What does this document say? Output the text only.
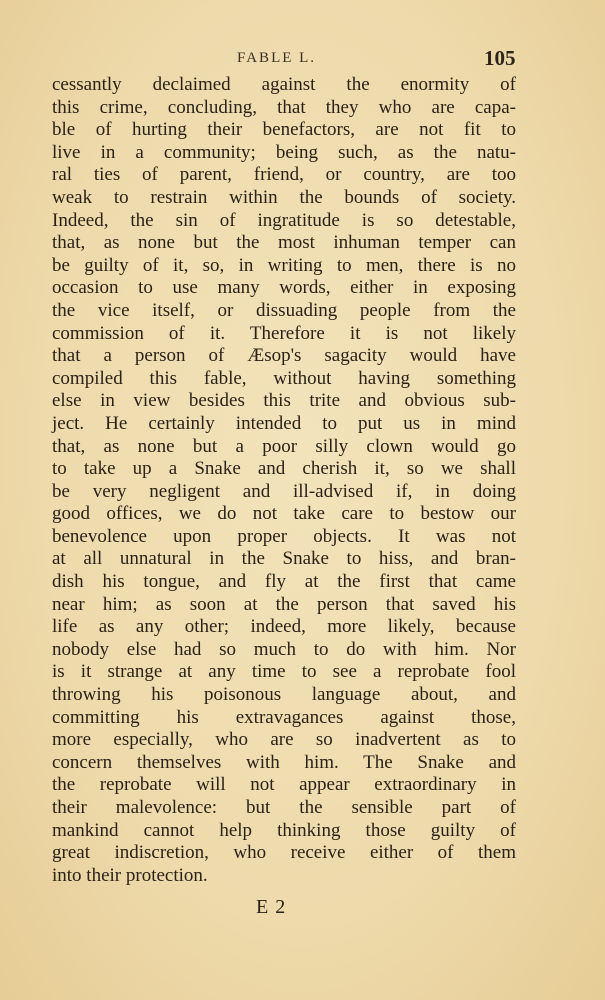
FABLE L.	105
cessantly declaimed against the enormity of
this crime, concluding, that they who are capa-
ble of hurting their benefactors, are not fit to
live in a community; being such, as the natu-
ral ties of parent, friend, or country, are too
weak to restrain within the bounds of society.
Indeed, the sin of ingratitude is so detestable,
that, as none but the most inhuman temper can
be guilty of it, so, in writing to men, there is no
occasion to use many words, either in exposing
the vice itself, or dissuading people from the
commission of it. Therefore it is not likely
that a person of Æsop's sagacity would have
compiled this fable, without having something
else in view besides this trite and obvious sub-
ject. He certainly intended to put us in mind
that, as none but a poor silly clown would go
to take up a Snake and cherish it, so we shall
be very negligent and ill-advised if, in doing
good offices, we do not take care to bestow our
benevolence upon proper objects. It was not
at all unnatural in the Snake to hiss, and bran-
dish his tongue, and fly at the first that came
near him; as soon at the person that saved his
life as any other; indeed, more likely, because
nobody else had so much to do with him. Nor
is it strange at any time to see a reprobate fool
throwing his poisonous language about, and
committing his extravagances against those,
more especially, who are so inadvertent as to
concern themselves with him. The Snake and
the reprobate will not appear extraordinary in
their malevolence: but the sensible part of
mankind cannot help thinking those guilty of
great indiscretion, who receive either of them
into their protection.
E 2
